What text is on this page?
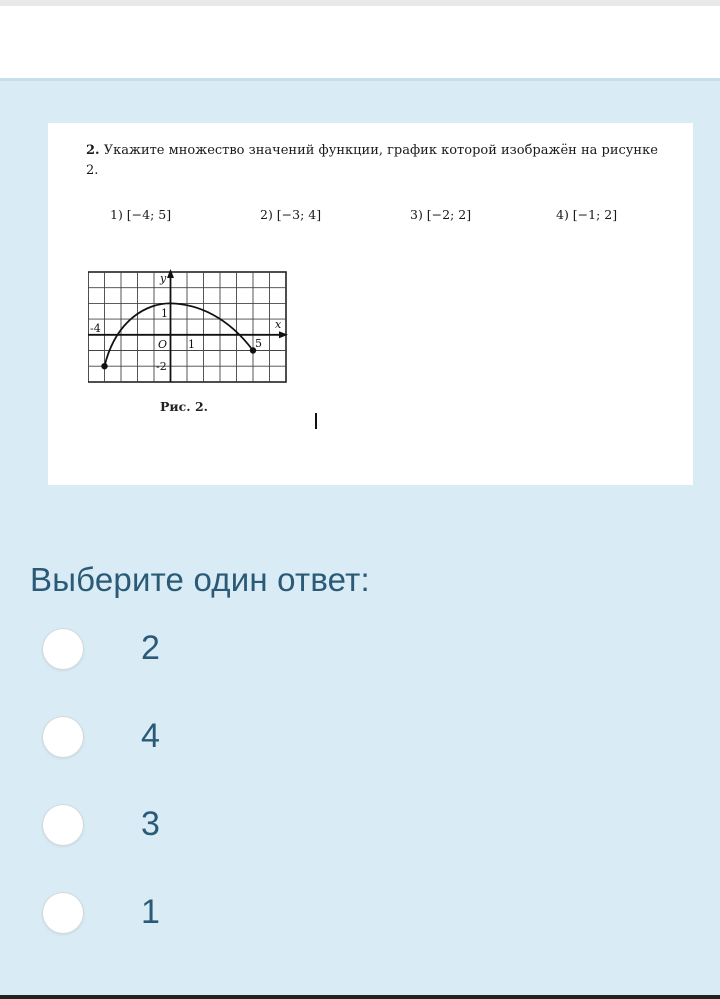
2. Укажите множество значений функции, график которой изображён на рисунке 2.
1) [−4; 5]	2) [−3; 4]	3) [−2; 2]	4) [−1; 2]
y
x
O 1
1
-4
5
-2
Рис. 2.
Выберите один ответ:
2
4
3
1
